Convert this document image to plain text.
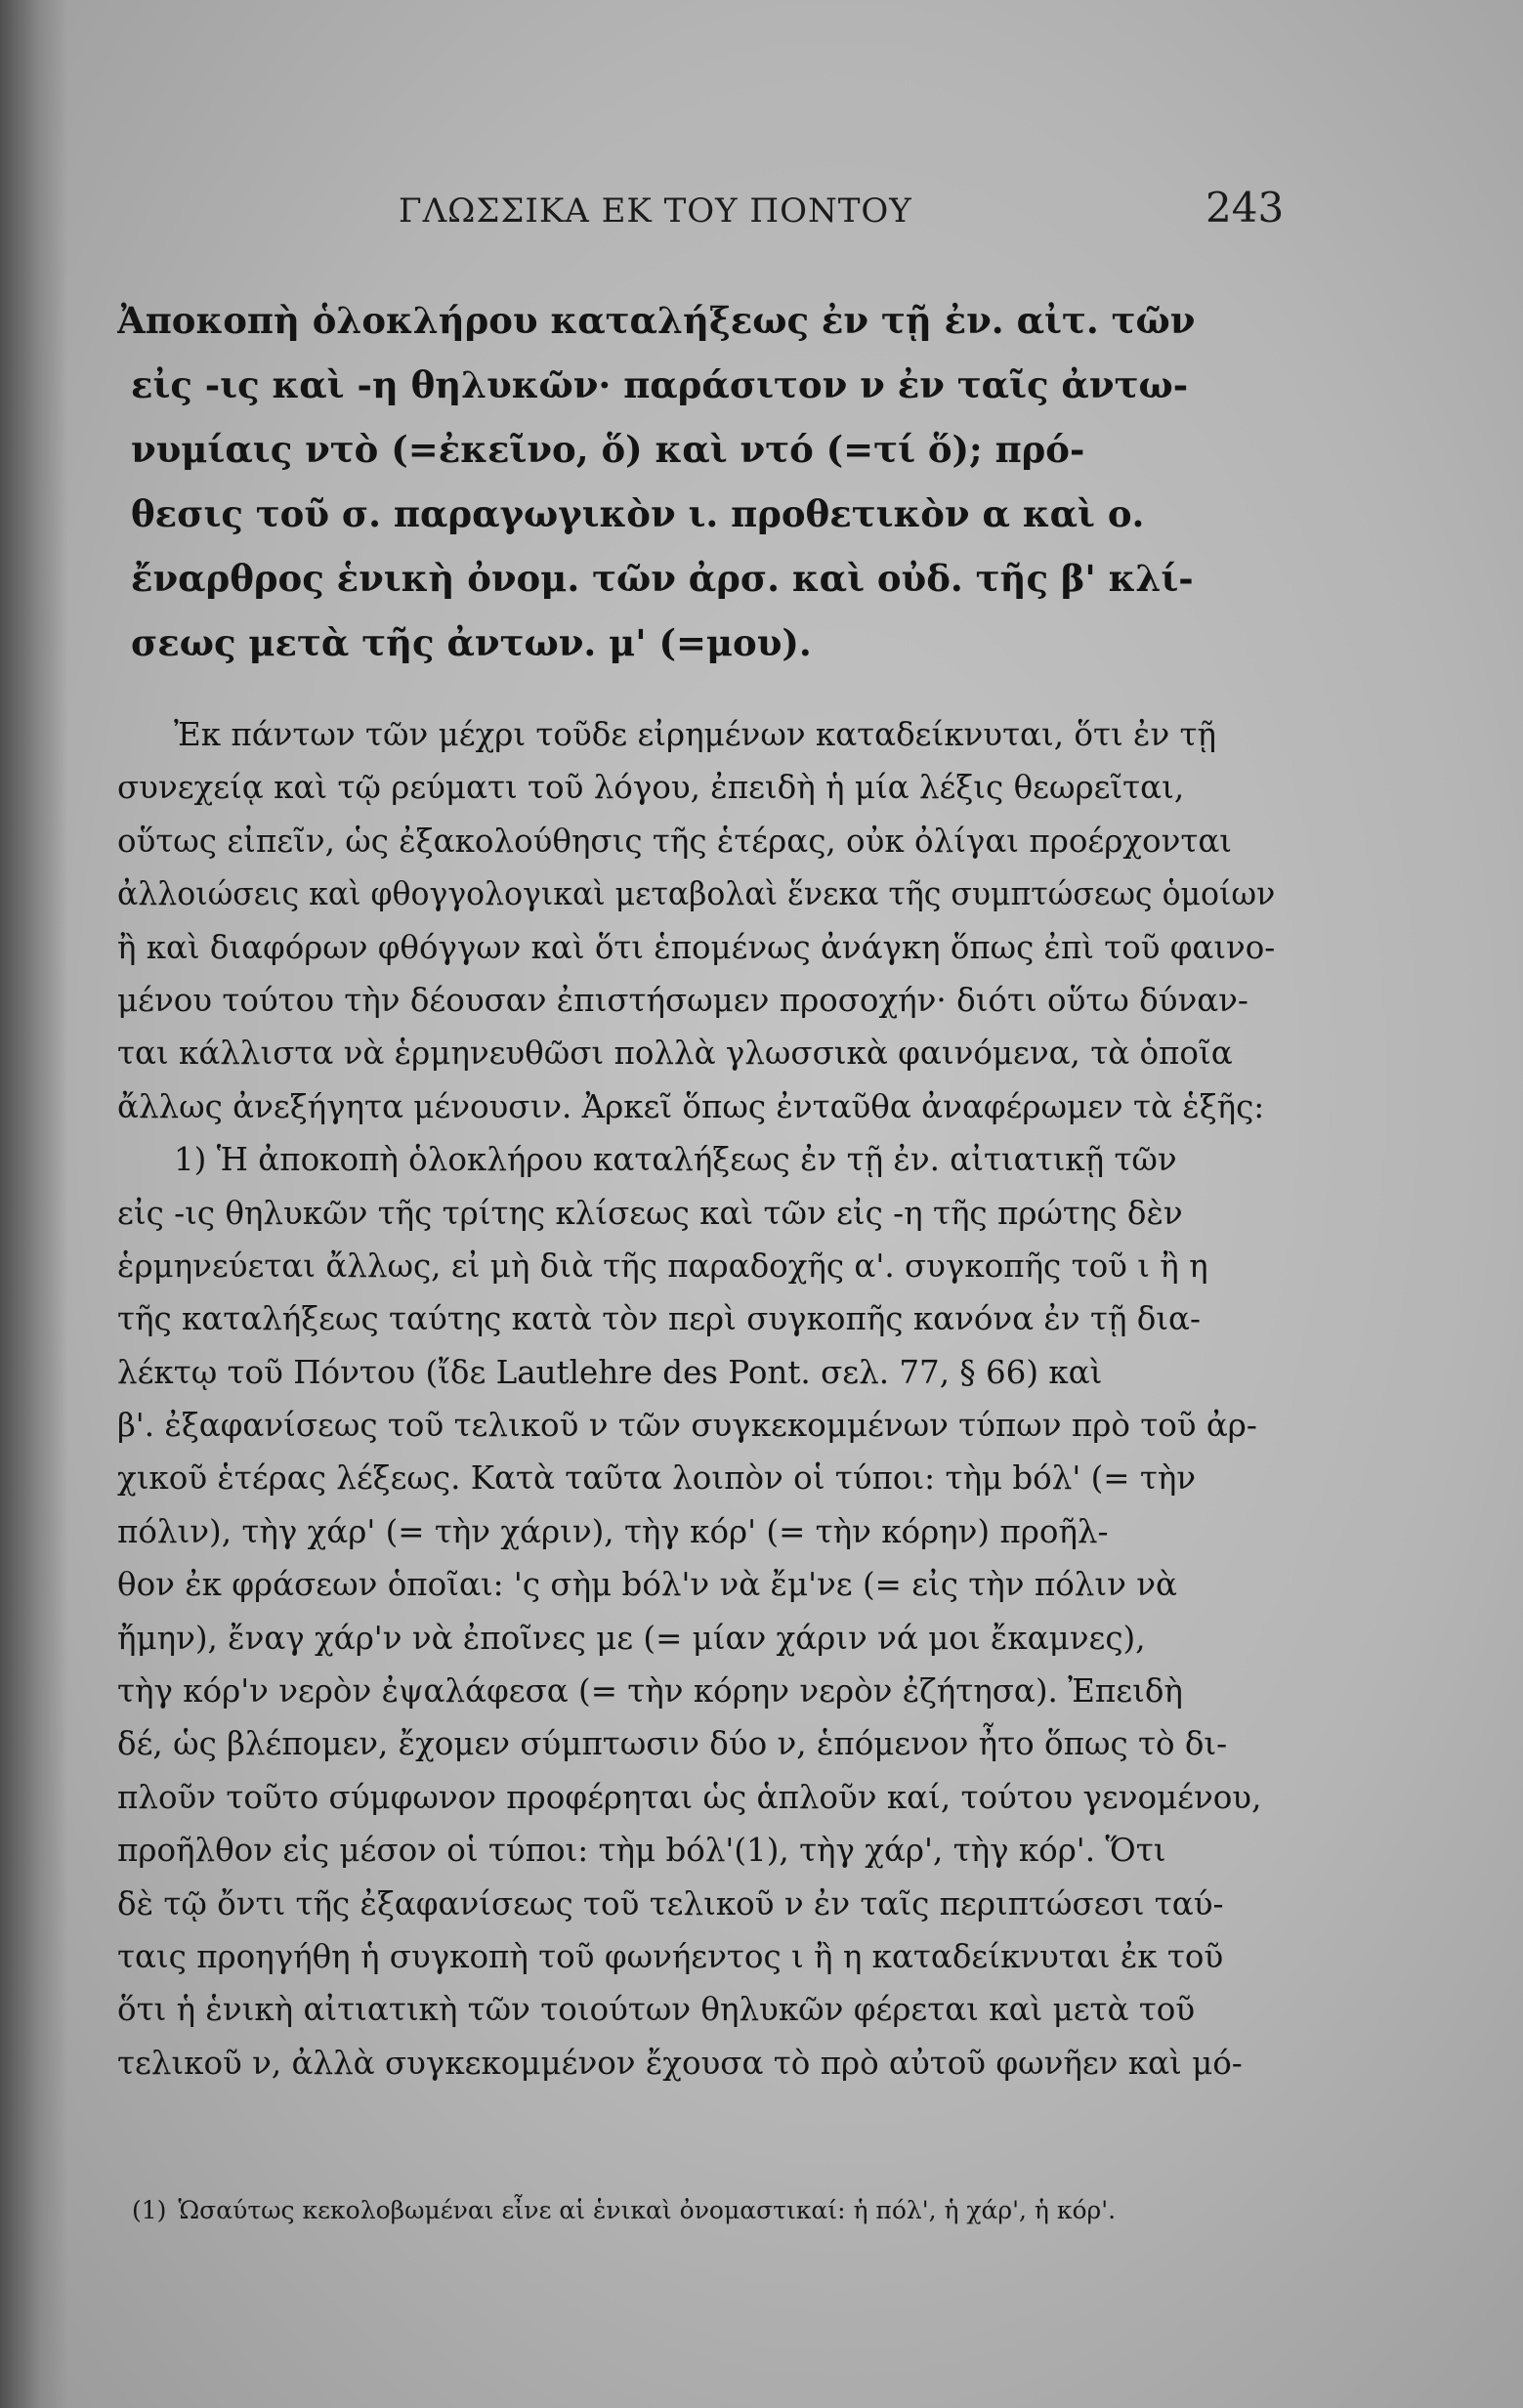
ΓΛΩΣΣΙΚΑ ΕΚ ΤΟΥ ΠΟΝΤΟΥ	243
Ἀποκοπὴ ὁλοκλήρου καταλήξεως ἐν τῇ ἐν. αἰτ. τῶν
εἰς -ις καὶ -η θηλυκῶν· παράσιτον ν ἐν ταῖς ἀντω-
νυμίαις ντὸ (=ἐκεῖνο, ὅ) καὶ ντό (=τί ὅ); πρό-
θεσις τοῦ σ. παραγωγικὸν ι. προθετικὸν α καὶ ο.
ἔναρθρος ἑνικὴ ὀνομ. τῶν ἀρσ. καὶ οὐδ. τῆς β' κλί-
σεως μετὰ τῆς ἀντων. μ' (=μου).
Ἐκ πάντων τῶν μέχρι τοῦδε εἰρημένων καταδείκνυται, ὅτι ἐν τῇ
συνεχείᾳ καὶ τῷ ρεύματι τοῦ λόγου, ἐπειδὴ ἡ μία λέξις θεωρεῖται,
οὕτως εἰπεῖν, ὡς ἐξακολούθησις τῆς ἑτέρας, οὐκ ὀλίγαι προέρχονται
ἀλλοιώσεις καὶ φθογγολογικαὶ μεταβολαὶ ἕνεκα τῆς συμπτώσεως ὁμοίων
ἢ καὶ διαφόρων φθόγγων καὶ ὅτι ἑπομένως ἀνάγκη ὅπως ἐπὶ τοῦ φαινο-
μένου τούτου τὴν δέουσαν ἐπιστήσωμεν προσοχήν· διότι οὕτω δύναν-
ται κάλλιστα νὰ ἑρμηνευθῶσι πολλὰ γλωσσικὰ φαινόμενα, τὰ ὁποῖα
ἄλλως ἀνεξήγητα μένουσιν. Ἀρκεῖ ὅπως ἐνταῦθα ἀναφέρωμεν τὰ ἑξῆς:
1) Ἡ ἀποκοπὴ ὁλοκλήρου καταλήξεως ἐν τῇ ἐν. αἰτιατικῇ τῶν
εἰς -ις θηλυκῶν τῆς τρίτης κλίσεως καὶ τῶν εἰς -η τῆς πρώτης δὲν
ἑρμηνεύεται ἄλλως, εἰ μὴ διὰ τῆς παραδοχῆς α'. συγκοπῆς τοῦ ι ἢ η
τῆς καταλήξεως ταύτης κατὰ τὸν περὶ συγκοπῆς κανόνα ἐν τῇ δια-
λέκτῳ τοῦ Πόντου (ἴδε Lautlehre des Pont. σελ. 77, § 66) καὶ
β'. ἐξαφανίσεως τοῦ τελικοῦ ν τῶν συγκεκομμένων τύπων πρὸ τοῦ ἀρ-
χικοῦ ἑτέρας λέξεως. Κατὰ ταῦτα λοιπὸν οἱ τύποι: τὴμ bόλ' (= τὴν
πόλιν), τὴγ χάρ' (= τὴν χάριν), τὴγ κόρ' (= τὴν κόρην) προῆλ-
θον ἐκ φράσεων ὁποῖαι: 'ς σὴμ bόλ'ν νὰ ἔμ'νε (= εἰς τὴν πόλιν νὰ
ἤμην), ἔναγ χάρ'ν νὰ ἐποῖνες με (= μίαν χάριν νά μοι ἔκαμνες),
τὴγ κόρ'ν νερὸν ἐψαλάφεσα (= τὴν κόρην νερὸν ἐζήτησα). Ἐπειδὴ
δέ, ὡς βλέπομεν, ἔχομεν σύμπτωσιν δύο ν, ἑπόμενον ἦτο ὅπως τὸ δι-
πλοῦν τοῦτο σύμφωνον προφέρηται ὡς ἁπλοῦν καί, τούτου γενομένου,
προῆλθον εἰς μέσον οἱ τύποι: τὴμ bόλ'(1), τὴγ χάρ', τὴγ κόρ'. Ὅτι
δὲ τῷ ὄντι τῆς ἐξαφανίσεως τοῦ τελικοῦ ν ἐν ταῖς περιπτώσεσι ταύ-
ταις προηγήθη ἡ συγκοπὴ τοῦ φωνήεντος ι ἢ η καταδείκνυται ἐκ τοῦ
ὅτι ἡ ἑνικὴ αἰτιατικὴ τῶν τοιούτων θηλυκῶν φέρεται καὶ μετὰ τοῦ
τελικοῦ ν, ἀλλὰ συγκεκομμένον ἔχουσα τὸ πρὸ αὐτοῦ φωνῆεν καὶ μό-
(1) Ὡσαύτως κεκολοβωμέναι εἶνε αἱ ἑνικαὶ ὀνομαστικαί: ἡ πόλ', ἡ χάρ', ἡ κόρ'.
